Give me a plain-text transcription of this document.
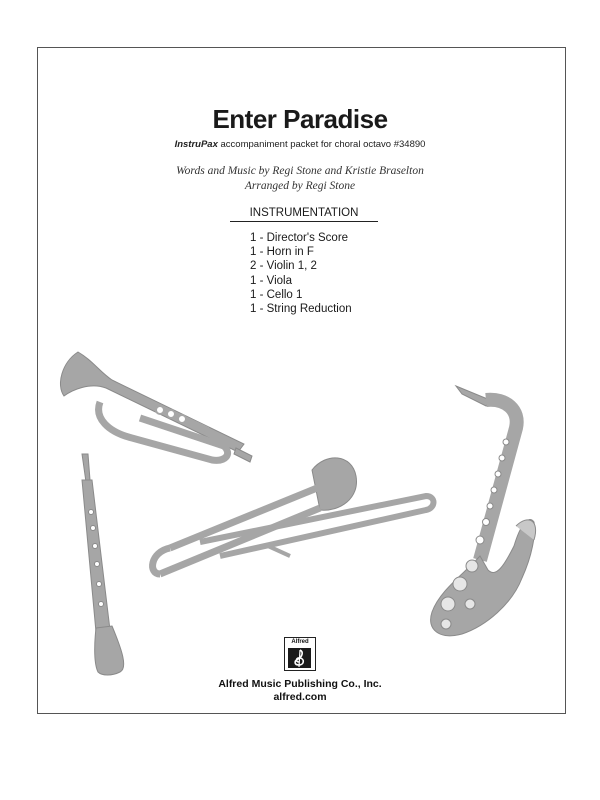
Enter Paradise
InstruPax accompaniment packet for choral octavo #34890
Words and Music by Regi Stone and Kristie Braselton
Arranged by Regi Stone
INSTRUMENTATION
1 - Director's Score
1 - Horn in F
2 - Violin 1, 2
1 - Viola
1 - Cello 1
1 - String Reduction
Alfred
Alfred Music Publishing Co., Inc.
alfred.com
